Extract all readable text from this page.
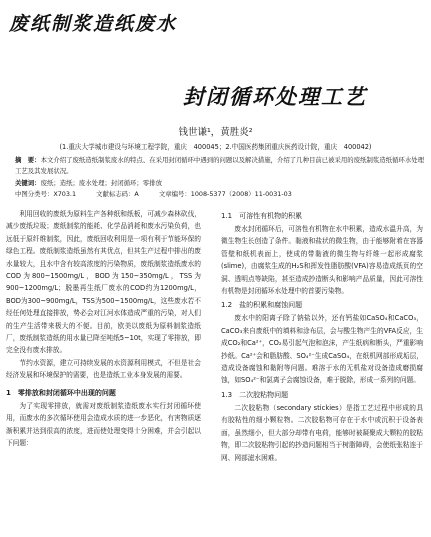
废纸制浆造纸废水
封闭循环处理工艺
钱世谦¹，黄胜炎²
(1.重庆大学城市建设与环境工程学院，重庆　400045；2.中国医药集团重庆医药设计院，重庆　400042)
摘　要：本文介绍了废纸造纸制浆废水的特点、在采用封闭循环中遇到的问题以及解决措施，介绍了几种目前已被采用的废纸制浆造纸循环水处理工艺及其发展状况。
关键词：废纸；造纸；废水处理；封闭循环；零排放
中图分类号：X703.1	文献标志码：A	文章编号：1008-5377（2008）11-0031-03

利用回收的废纸为原料生产各种纸和纸板，可减少森林砍伐，减少废纸垃圾；废纸制浆的能耗、化学品消耗和废水污染负荷，也远低于原纤维制浆，因此，废纸回收利用是一项有利于节能环保的绿色工程。废纸制浆造纸虽然有其优点，但其生产过程中排出的废水量较大，且水中含有较高浓度的污染物质，废纸制浆造纸废水的COD为800~1500mg/L，BOD为150~350mg/L，TSS为900~1200mg/L；脱墨再生纸厂废水的COD约为1200mg/L，BOD为300~900mg/L，TSS为500~1500mg/L，这些废水若不经任何处理直接排放，势必会对江河水体造成严重的污染，对人们的生产生活带来极大的不便。目前，欧美以废纸为原料制浆造纸厂，废纸制浆造纸的用水量已降至吨纸5~10t，实现了零排放，即完全没有废水排放。

节约水资源，建立可持续发展的水资源利用模式，不但是社会经济发展和环境保护的需要，也是造纸工业本身发展的需要。

1　零排放和封闭循环中出现的问题

为了实现零排放，就需对废纸制浆造纸废水实行封闭循环使用，而废水的多次循环使用会造成水质的进一步恶化，有害物质逐渐积累并达到很高的浓度，进而使处理变得十分困难，并会引起以下问题：

1.1　可溶性有机物的积累

废水封闭循环后，可溶性有机物在水中积累，造成水温升高，为微生物生长创造了条件。黏液和盐状的微生物，由于能够附着在容器管壁和纸机表面上，使成的带黏液的微生物与纤维一起形成腐浆(slime)，由腐浆生成的H₂S和挥发性脂肪酸(VFA)容易造成纸页的空洞、透明点等缺陷，甚至造成抄造断头和影响产品质量，因此可溶性有机物是封闭循环水处理中的首要污染物。

1.2　盐的积累和腐蚀问题

废水中的阳离子除了钠盐以外，还有钙盐如CaSO₄和CaCO₃，CaCO₃来自废纸中的填料和涂布层，会与酸生物产生的VFA反应，生成CO₂和Ca²⁺，CO₂易引起气泡和泡沫，产生纸病和断头，严重影响抄纸。Ca²⁺会和脂肪酸、SO₄²⁻生成CaSO₄，在纸机网部形成垢层，造成设备腐蚀和黏附等问题。难溶于水的无机盐对设备造成磨损腐蚀，如SO₄²⁻和氯离子会腐蚀设备，难于脱除，形成一系列的问题。

1.3　二次胶粘物问题

二次胶粘物（secondary stickies）是指工艺过程中形成的具有胶粘性的细小颗粒物。二次胶粘物可存在于水中或沉积于设备表面，虽然细小，但大部分却带有电荷，能够时被凝聚成大颗粒的胶粘物，即二次胶粘物引起的抄造问题相当于树脂障碍，会使纸张粘连于网、网部滤水困难。
